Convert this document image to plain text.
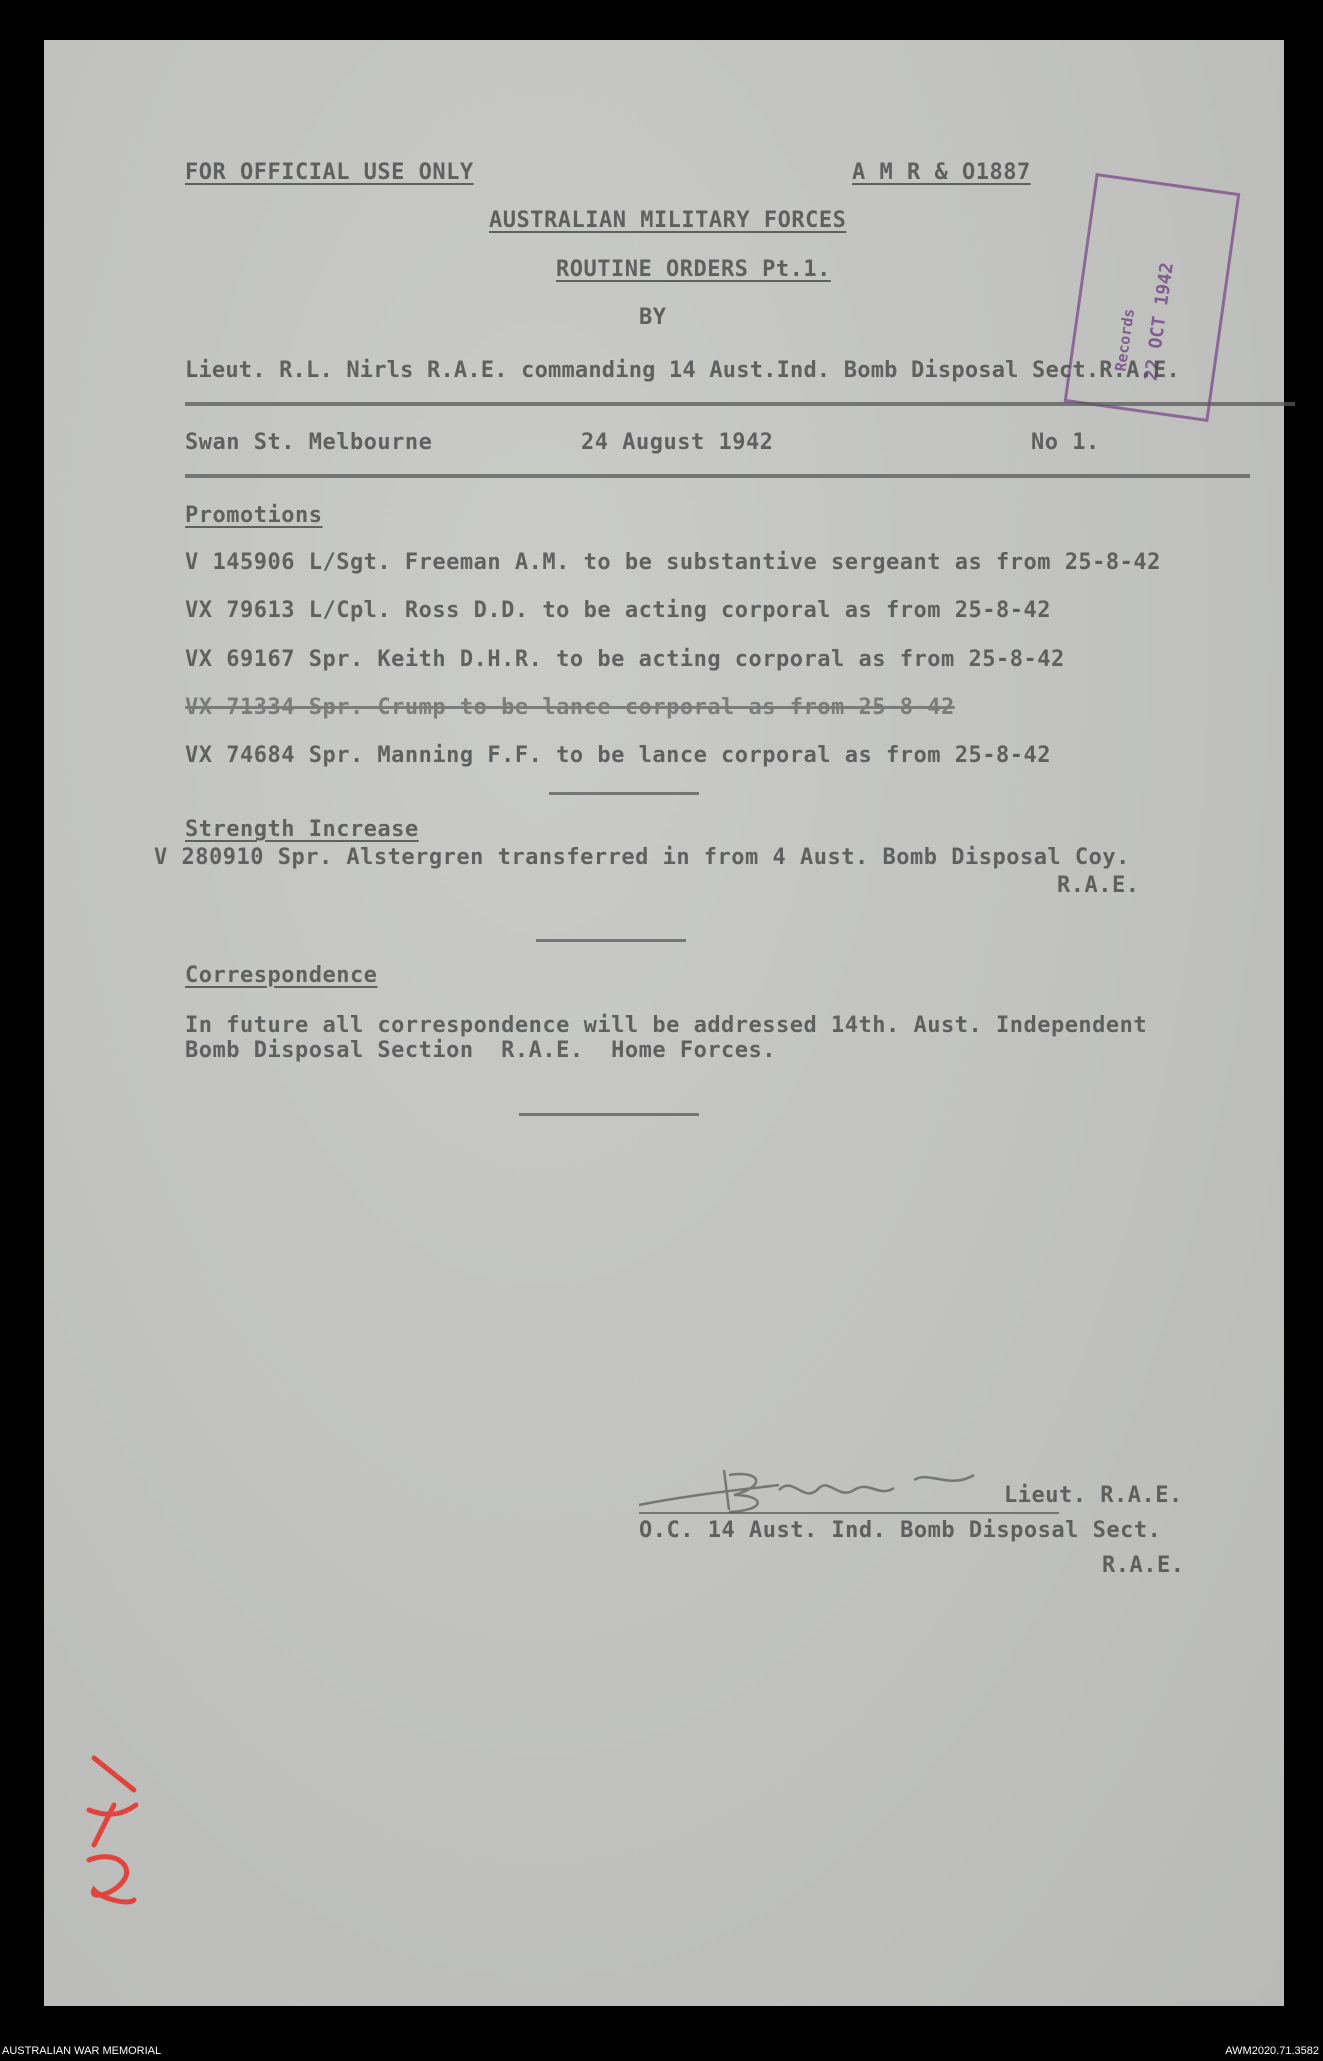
FOR OFFICIAL USE ONLY	A M R & O1887
22 OCT 1942
Records
AUSTRALIAN MILITARY FORCES
ROUTINE ORDERS Pt.1.
BY
Lieut. R.L. Nirls R.A.E. commanding 14 Aust.Ind. Bomb Disposal Sect.R.A.E.
Swan St. Melbourne	24 August 1942	No 1.
Promotions
V 145906 L/Sgt. Freeman A.M. to be substantive sergeant as from 25-8-42
VX 79613 L/Cpl. Ross D.D. to be acting corporal as from 25-8-42
VX 69167 Spr. Keith D.H.R. to be acting corporal as from 25-8-42
VX 71334 Spr. Crump to be lance corporal as from 25-8-42
VX 74684 Spr. Manning F.F. to be lance corporal as from 25-8-42
Strength Increase
V 280910 Spr. Alstergren transferred in from 4 Aust. Bomb Disposal Coy.
R.A.E.
Correspondence
In future all correspondence will be addressed 14th. Aust. Independent
Bomb Disposal Section  R.A.E.  Home Forces.
Lieut. R.A.E.
O.C. 14 Aust. Ind. Bomb Disposal Sect.
R.A.E.
AUSTRALIAN WAR MEMORIAL	AWM2020.71.3582
